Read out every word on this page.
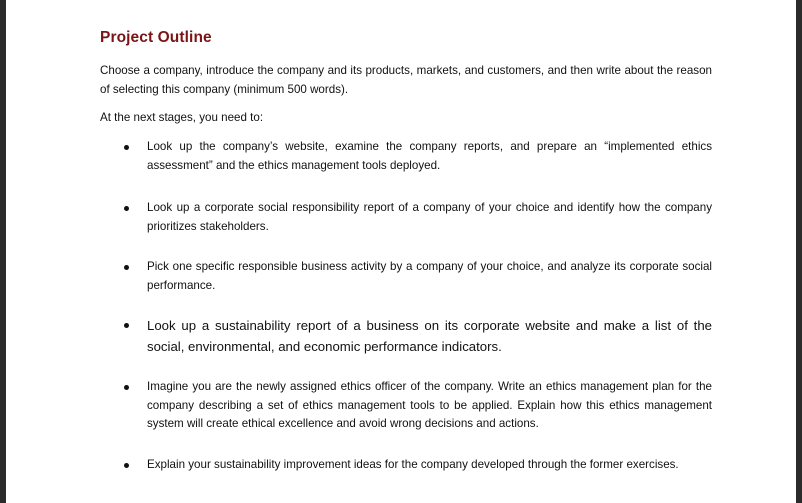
Project Outline

Choose a company, introduce the company and its products, markets, and customers, and then write about the reason of selecting this company (minimum 500 words).

At the next stages, you need to:

Look up the company’s website, examine the company reports, and prepare an “implemented ethics assessment” and the ethics management tools deployed.
Look up a corporate social responsibility report of a company of your choice and identify how the company prioritizes stakeholders.
Pick one specific responsible business activity by a company of your choice, and analyze its corporate social performance.
Look up a sustainability report of a business on its corporate website and make a list of the social, environmental, and economic performance indicators.
Imagine you are the newly assigned ethics officer of the company. Write an ethics management plan for the company describing a set of ethics management tools to be applied. Explain how this ethics management system will create ethical excellence and avoid wrong decisions and actions.
Explain your sustainability improvement ideas for the company developed through the former exercises.
